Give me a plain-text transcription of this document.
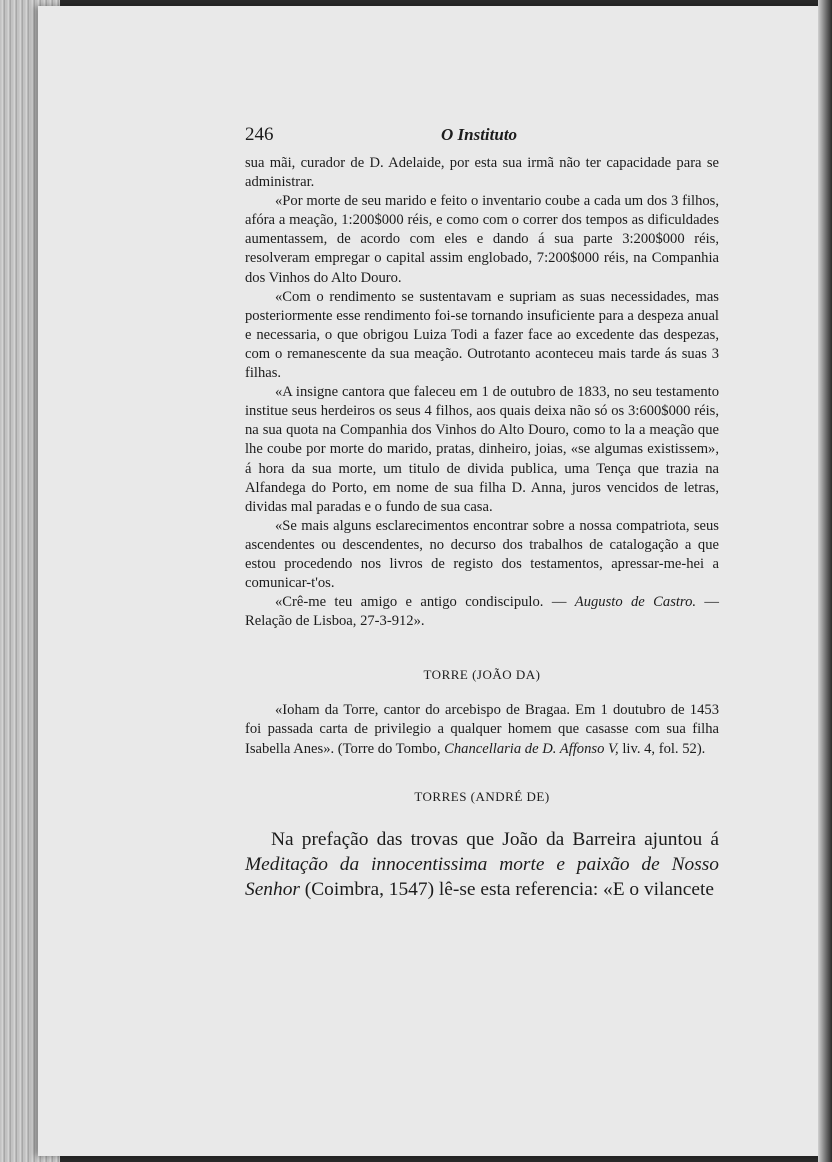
246	O Instituto

sua mãi, curador de D. Adelaide, por esta sua irmã não ter capacidade para se administrar.

«Por morte de seu marido e feito o inventario coube a cada um dos 3 filhos, afóra a meação, 1:200$000 réis, e como com o correr dos tempos as dificuldades aumentassem, de acordo com eles e dando á sua parte 3:200$000 réis, resolveram empregar o capital assim englobado, 7:200$000 réis, na Companhia dos Vinhos do Alto Douro.

«Com o rendimento se sustentavam e supriam as suas necessidades, mas posteriormente esse rendimento foi-se tornando insuficiente para a despeza anual e necessaria, o que obrigou Luiza Todi a fazer face ao excedente das despezas, com o remanescente da sua meação. Outrotanto aconteceu mais tarde ás suas 3 filhas.

«A insigne cantora que faleceu em 1 de outubro de 1833, no seu testamento institue seus herdeiros os seus 4 filhos, aos quais deixa não só os 3:600$000 réis, na sua quota na Companhia dos Vinhos do Alto Douro, como to la a meação que lhe coube por morte do marido, pratas, dinheiro, joias, «se algumas existissem», á hora da sua morte, um titulo de divida publica, uma Tença que trazia na Alfandega do Porto, em nome de sua filha D. Anna, juros vencidos de letras, dividas mal paradas e o fundo de sua casa.

«Se mais alguns esclarecimentos encontrar sobre a nossa compatriota, seus ascendentes ou descendentes, no decurso dos trabalhos de catalogação a que estou procedendo nos livros de registo dos testamentos, apressar-me-hei a comunicar-t'os.

«Crê-me teu amigo e antigo condiscipulo. — Augusto de Castro. — Relação de Lisboa, 27-3-912».

TORRE (JOÃO DA)

«Ioham da Torre, cantor do arcebispo de Bragaa. Em 1 doutubro de 1453 foi passada carta de privilegio a qualquer homem que casasse com sua filha Isabella Anes». (Torre do Tombo, Chancellaria de D. Affonso V, liv. 4, fol. 52).

TORRES (ANDRÉ DE)

Na prefação das trovas que João da Barreira ajuntou á Meditação da innocentissima morte e paixão de Nosso Senhor (Coimbra, 1547) lê-se esta referencia: «E o vilancete
